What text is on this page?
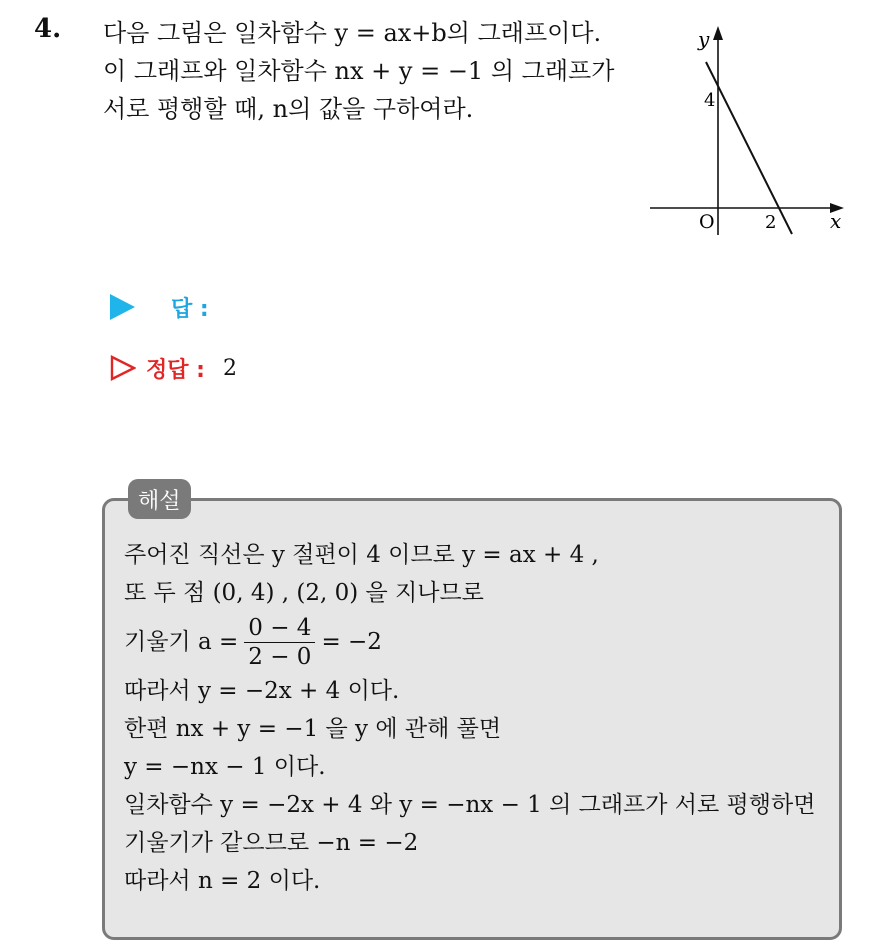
4. 다음 그림은 일차함수 y = ax+b의 그래프이다.
이 그래프와 일차함수 nx + y = −1 의 그래프가
서로 평행할 때, n의 값을 구하여라.
y
x
O
4
2
답 :
정답 : 2
해설
주어진 직선은 y 절편이 4 이므로 y = ax + 4 ,
또 두 점 (0, 4) , (2, 0) 을 지나므로
기울기 $a = \frac{0 - 4}{2 - 0} = -2$
따라서 y = −2x + 4 이다.
한편 nx + y = −1 을 y 에 관해 풀면
y = −nx − 1 이다.
일차함수 y = −2x + 4 와 y = −nx − 1 의 그래프가 서로 평행하면
기울기가 같으므로 −n = −2
따라서 n = 2 이다.
